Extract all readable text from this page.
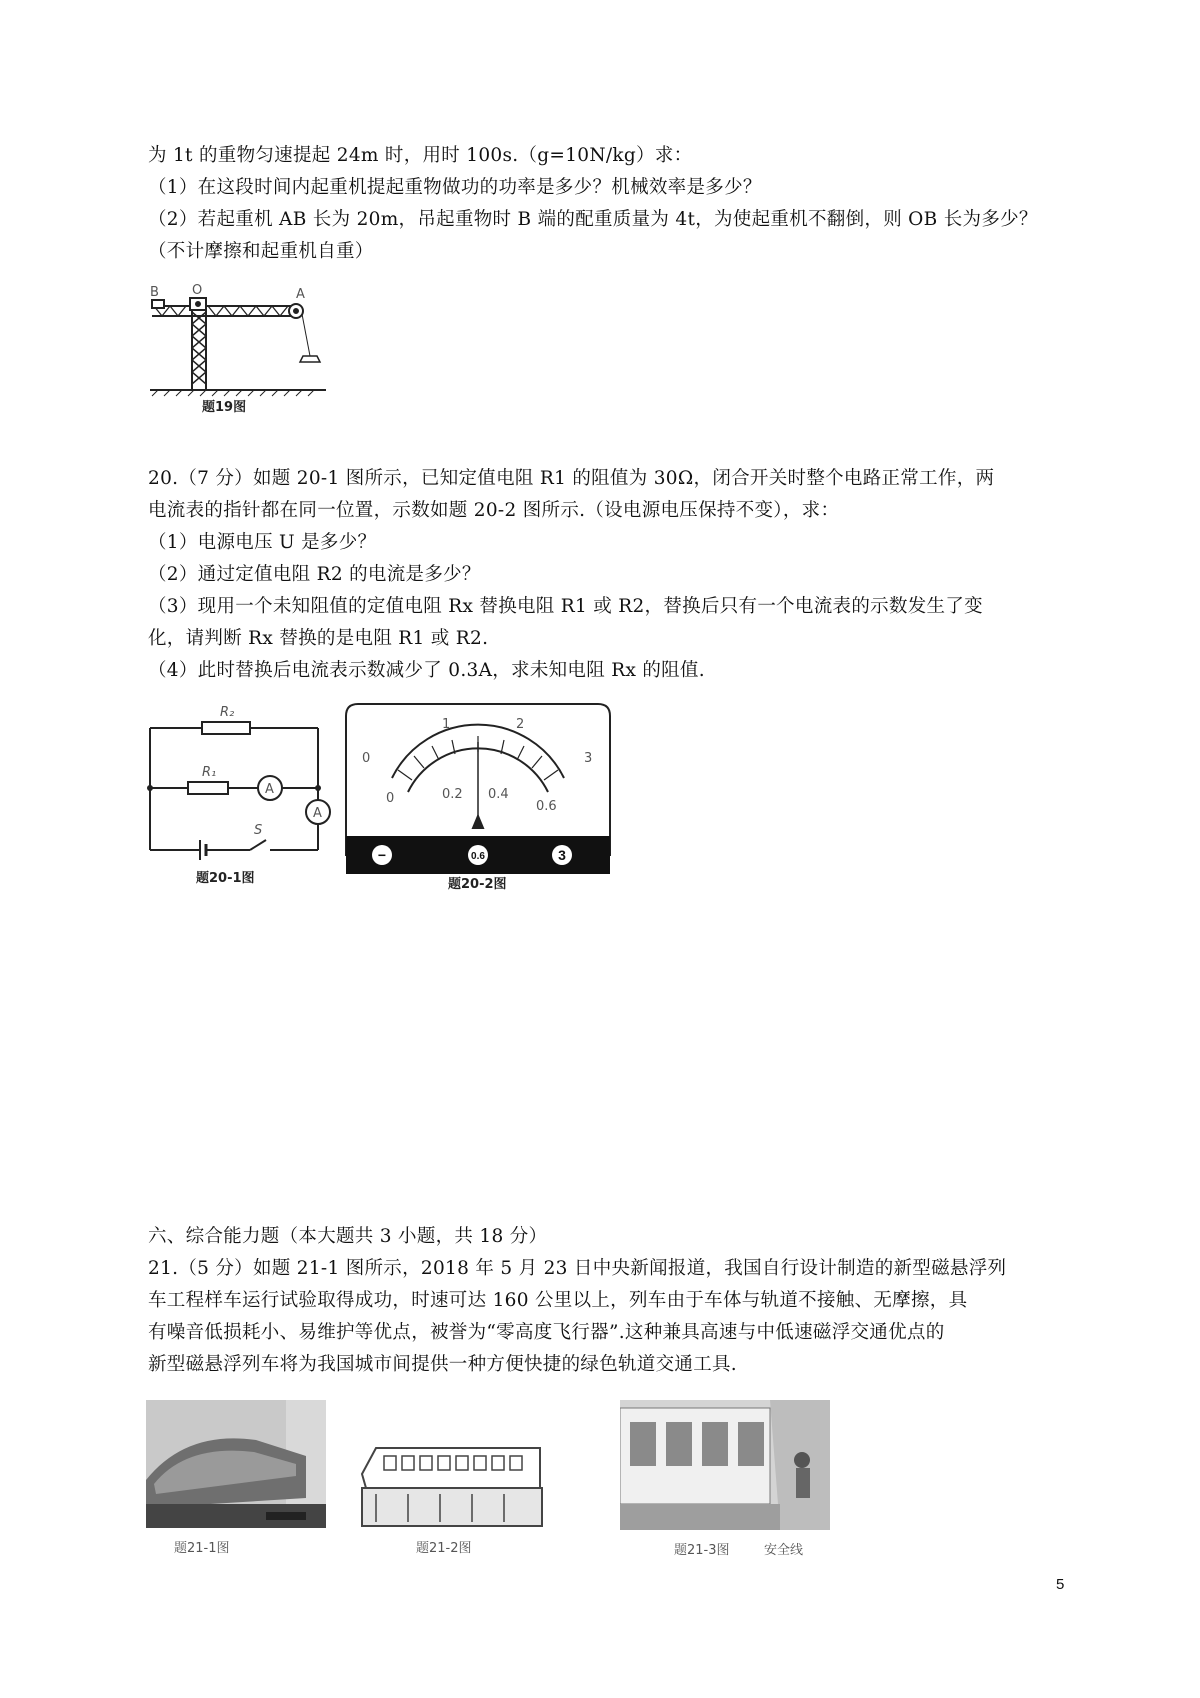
为 1t 的重物匀速提起 24m 时，用时 100s.（g=10N/kg）求：
（1）在这段时间内起重机提起重物做功的功率是多少？机械效率是多少？
（2）若起重机 AB 长为 20m，吊起重物时 B 端的配重质量为 4t，为使起重机不翻倒，则 OB 长为多少？
（不计摩擦和起重机自重）
B	O	A
题19图
20.（7 分）如题 20-1 图所示，已知定值电阻 R1 的阻值为 30Ω，闭合开关时整个电路正常工作，两
电流表的指针都在同一位置，示数如题 20-2 图所示.（设电源电压保持不变），求：
（1）电源电压 U 是多少？
（2）通过定值电阻 R2 的电流是多少？
（3）现用一个未知阻值的定值电阻 Rx 替换电阻 R1 或 R2，替换后只有一个电流表的示数发生了变
化，请判断 Rx 替换的是电阻 R1 或 R2.
（4）此时替换后电流表示数减少了 0.3A，求未知电阻 Rx 的阻值.
R₂
R₁
A
A
S
题20-1图
0
1	2
3
0	0.2 0.4
0.6
−	0.6	3
题20-2图
六、综合能力题（本大题共 3 小题，共 18 分）
21.（5 分）如题 21-1 图所示，2018 年 5 月 23 日中央新闻报道，我国自行设计制造的新型磁悬浮列
车工程样车运行试验取得成功，时速可达 160 公里以上，列车由于车体与轨道不接触、无摩擦，具
有噪音低损耗小、易维护等优点，被誉为“零高度飞行器”.这种兼具高速与中低速磁浮交通优点的
新型磁悬浮列车将为我国城市间提供一种方便快捷的绿色轨道交通工具.
题21-1图	题21-2图	题21-3图	安全线
5
